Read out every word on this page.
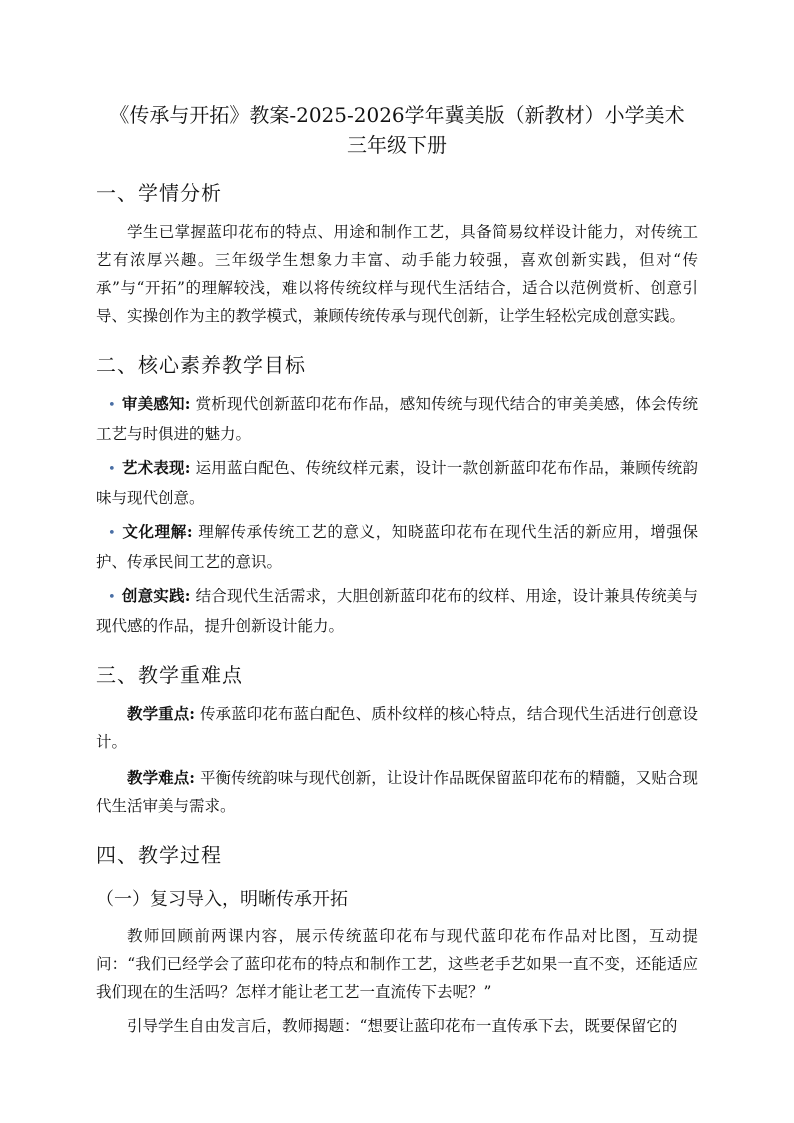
《传承与开拓》教案-2025-2026学年冀美版（新教材）小学美术
三年级下册
一、学情分析

学生已掌握蓝印花布的特点、用途和制作工艺，具备简易纹样设计能力，对传统工艺有浓厚兴趣。三年级学生想象力丰富、动手能力较强，喜欢创新实践，但对“传承”与“开拓”的理解较浅，难以将传统纹样与现代生活结合，适合以范例赏析、创意引导、实操创作为主的教学模式，兼顾传统传承与现代创新，让学生轻松完成创意实践。

二、核心素养教学目标

• 审美感知: 赏析现代创新蓝印花布作品，感知传统与现代结合的审美美感，体会传统工艺与时俱进的魅力。

• 艺术表现: 运用蓝白配色、传统纹样元素，设计一款创新蓝印花布作品，兼顾传统韵味与现代创意。

• 文化理解: 理解传承传统工艺的意义，知晓蓝印花布在现代生活的新应用，增强保护、传承民间工艺的意识。

• 创意实践: 结合现代生活需求，大胆创新蓝印花布的纹样、用途，设计兼具传统美与现代感的作品，提升创新设计能力。

三、教学重难点

教学重点: 传承蓝印花布蓝白配色、质朴纹样的核心特点，结合现代生活进行创意设计。

教学难点: 平衡传统韵味与现代创新，让设计作品既保留蓝印花布的精髓，又贴合现代生活审美与需求。

四、教学过程
（一）复习导入，明晰传承开拓

教师回顾前两课内容，展示传统蓝印花布与现代蓝印花布作品对比图，互动提问：“我们已经学会了蓝印花布的特点和制作工艺，这些老手艺如果一直不变，还能适应我们现在的生活吗？怎样才能让老工艺一直流传下去呢？”

引导学生自由发言后，教师揭题：“想要让蓝印花布一直传承下去，既要保留它的
